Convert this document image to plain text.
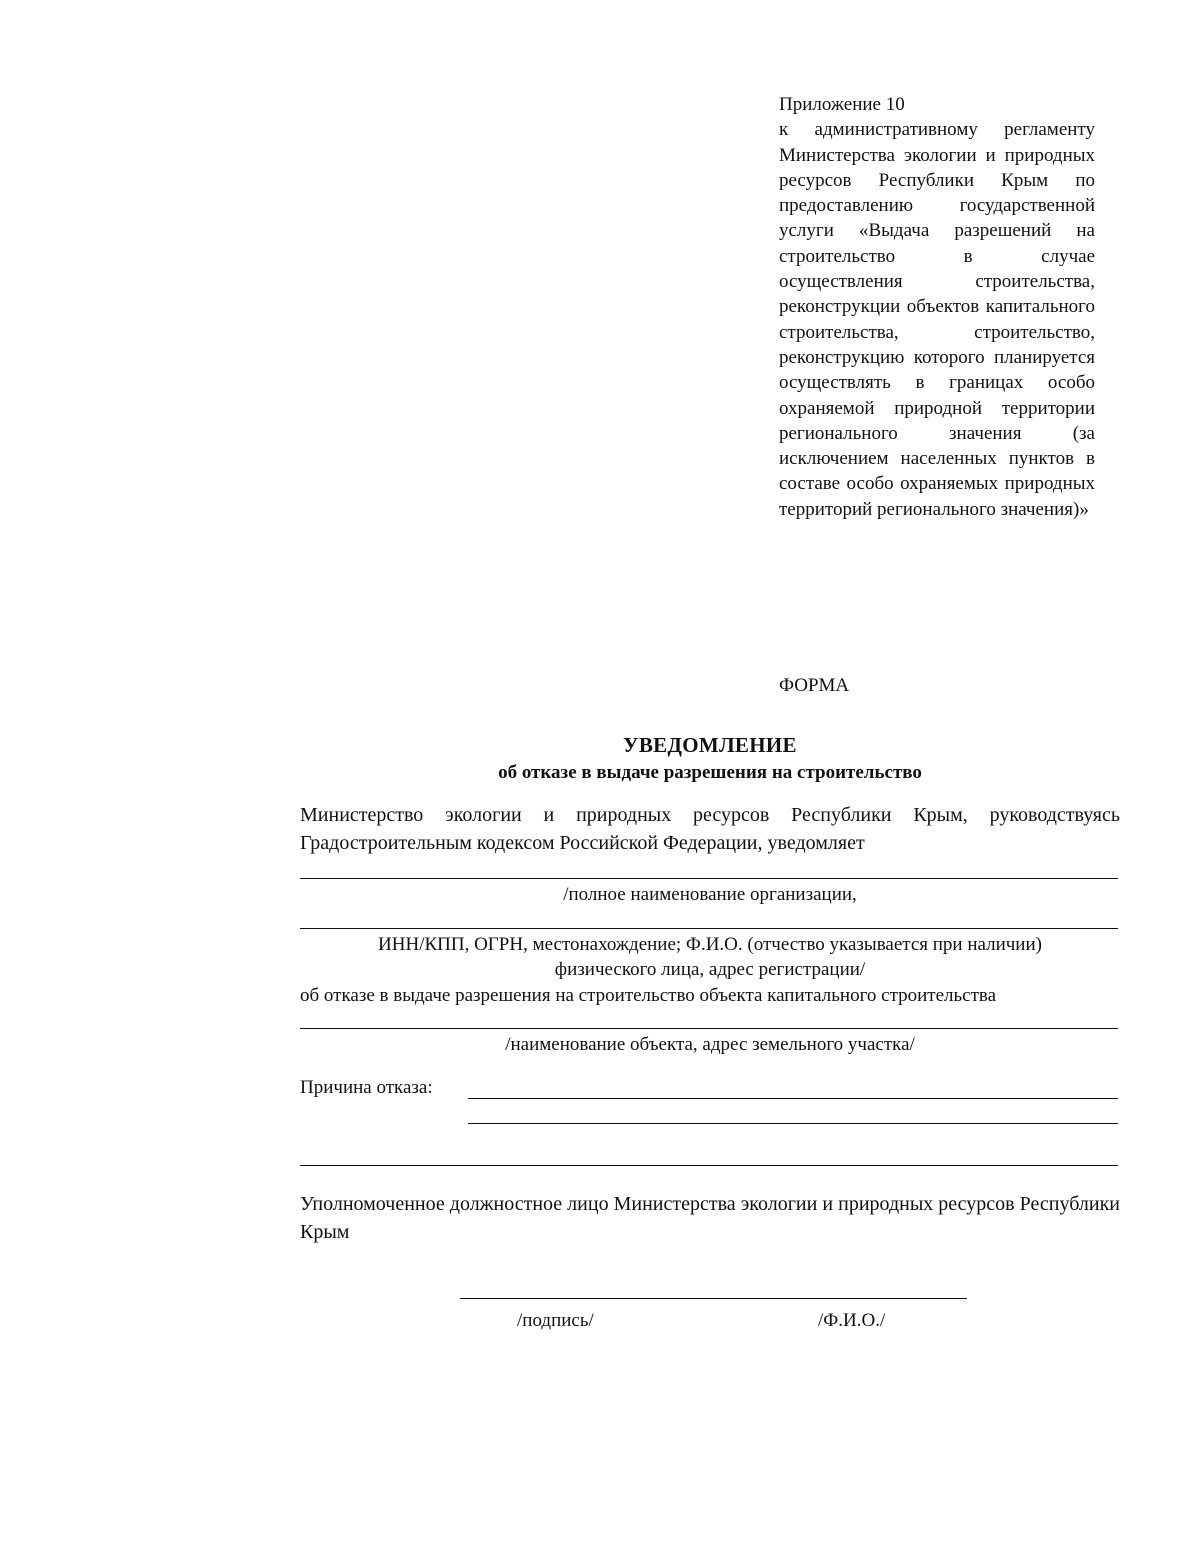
Приложение 10
к административному регламенту Министерства экологии и природных ресурсов Республики Крым по предоставлению государственной услуги «Выдача разрешений на строительство в случае осуществления строительства, реконструкции объектов капитального строительства, строительство, реконструкцию которого планируется осуществлять в границах особо охраняемой природной территории регионального значения (за исключением населенных пунктов в составе особо охраняемых природных территорий регионального значения)»
ФОРМА
УВЕДОМЛЕНИЕ
об отказе в выдаче разрешения на строительство
Министерство экологии и природных ресурсов Республики Крым, руководствуясь Градостроительным кодексом Российской Федерации, уведомляет
/полное наименование организации,
ИНН/КПП, ОГРН, местонахождение; Ф.И.О. (отчество указывается при наличии)
физического лица, адрес регистрации/
об отказе в выдаче разрешения на строительство объекта капитального строительства
/наименование объекта, адрес земельного участка/
Причина отказа:
Уполномоченное должностное лицо Министерства экологии и природных ресурсов Республики Крым
/подпись/	/Ф.И.О./
